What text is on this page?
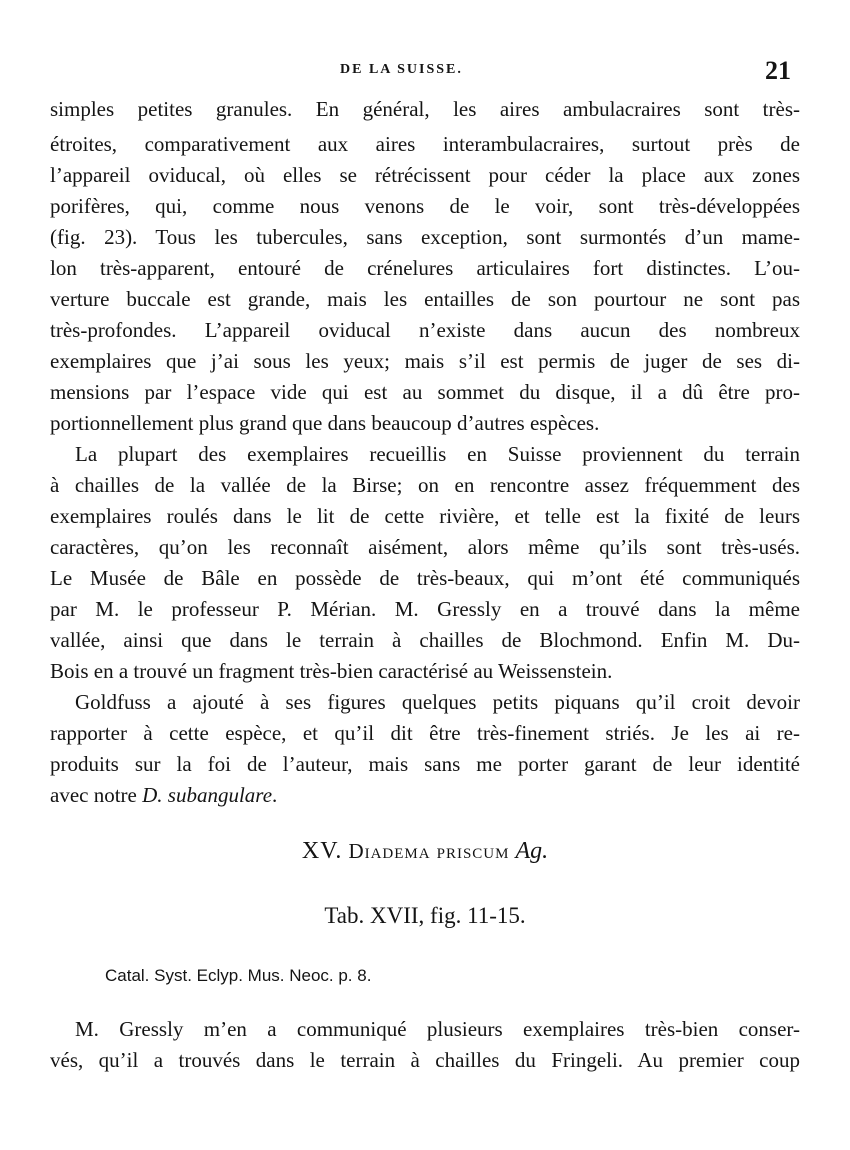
DE LA SUISSE.	21
simples petites granules. En général, les aires ambulacraires sont très-
étroites, comparativement aux aires interambulacraires, surtout près de
l’appareil oviducal, où elles se rétrécissent pour céder la place aux zones
porifères, qui, comme nous venons de le voir, sont très-développées
(fig. 23). Tous les tubercules, sans exception, sont surmontés d’un mame-
lon très-apparent, entouré de crénelures articulaires fort distinctes. L’ou-
verture buccale est grande, mais les entailles de son pourtour ne sont pas
très-profondes. L’appareil oviducal n’existe dans aucun des nombreux
exemplaires que j’ai sous les yeux; mais s’il est permis de juger de ses di-
mensions par l’espace vide qui est au sommet du disque, il a dû être pro-
portionnellement plus grand que dans beaucoup d’autres espèces.
La plupart des exemplaires recueillis en Suisse proviennent du terrain
à chailles de la vallée de la Birse; on en rencontre assez fréquemment des
exemplaires roulés dans le lit de cette rivière, et telle est la fixité de leurs
caractères, qu’on les reconnaît aisément, alors même qu’ils sont très-usés.
Le Musée de Bâle en possède de très-beaux, qui m’ont été communiqués
par M. le professeur P. Mérian. M. Gressly en a trouvé dans la même
vallée, ainsi que dans le terrain à chailles de Blochmond. Enfin M. Du-
Bois en a trouvé un fragment très-bien caractérisé au Weissenstein.
Goldfuss a ajouté à ses figures quelques petits piquans qu’il croit devoir
rapporter à cette espèce, et qu’il dit être très-finement striés. Je les ai re-
produits sur la foi de l’auteur, mais sans me porter garant de leur identité
avec notre D. subangulare.
XV. Diadema priscum Ag.
Tab. XVII, fig. 11-15.
Catal. Syst. Eclyp. Mus. Neoc. p. 8.
M. Gressly m’en a communiqué plusieurs exemplaires très-bien conser-
vés, qu’il a trouvés dans le terrain à chailles du Fringeli. Au premier coup
